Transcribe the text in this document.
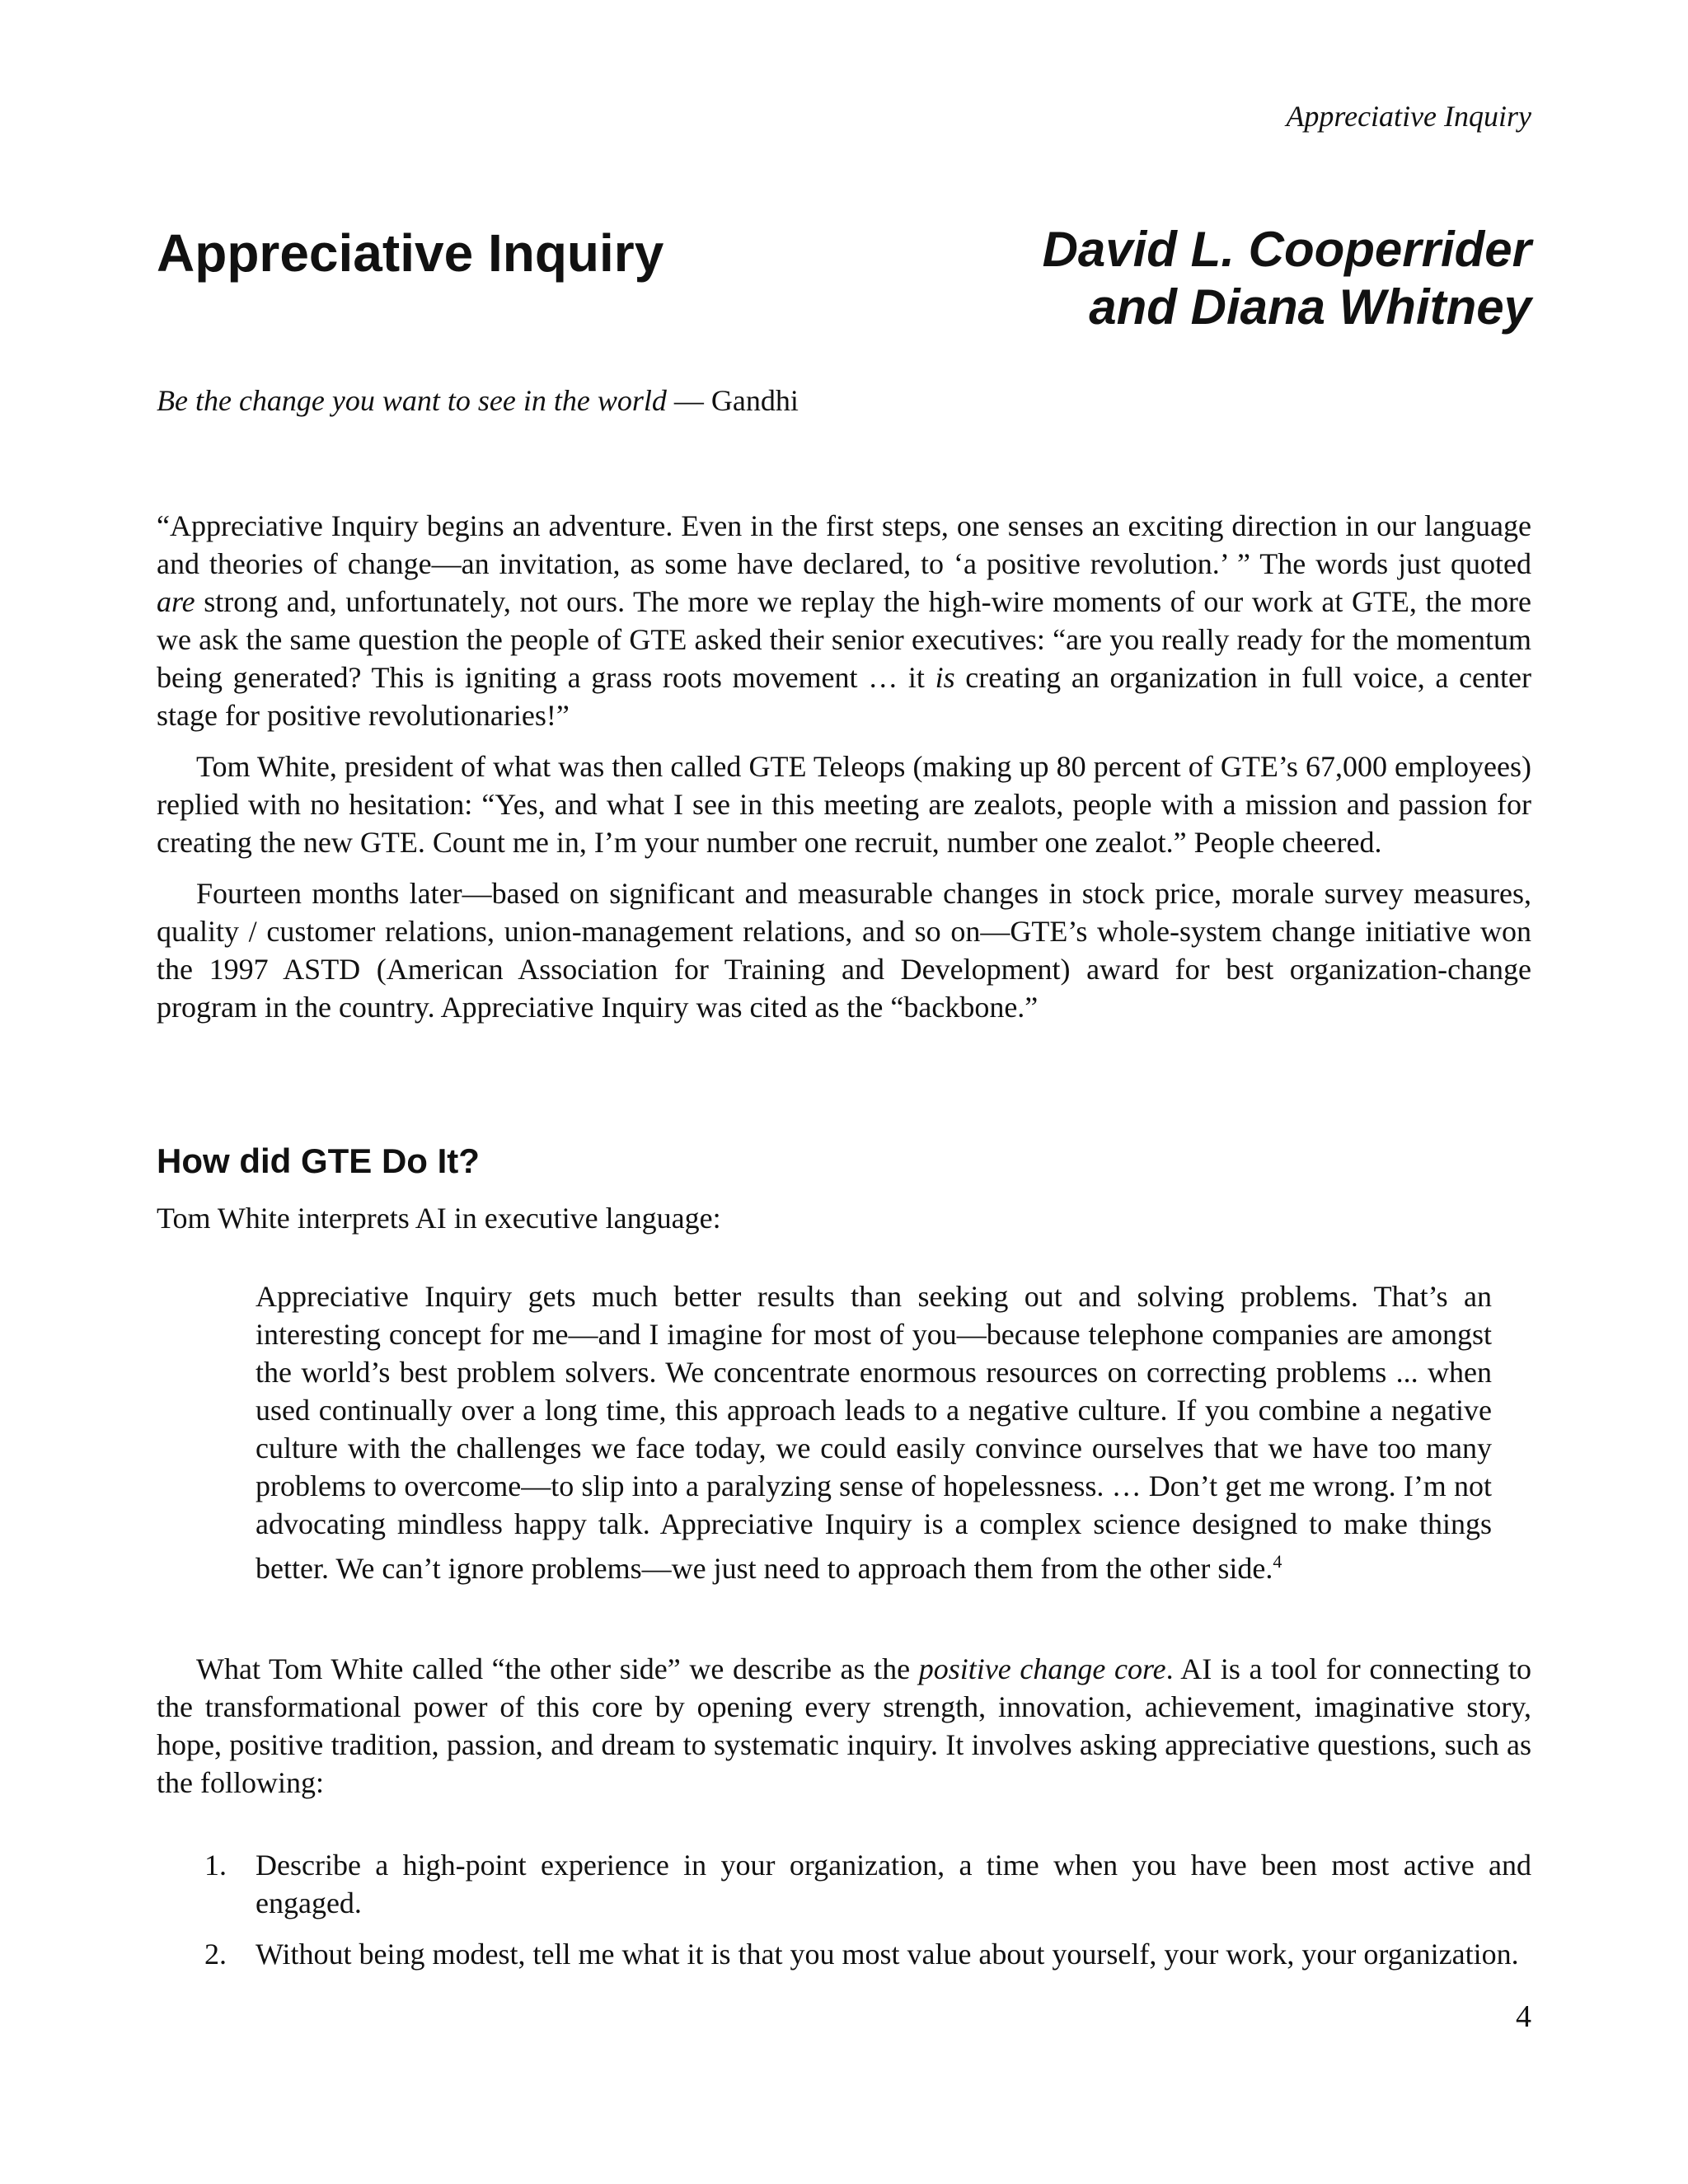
Appreciative Inquiry
Appreciative Inquiry	David L. Cooperrider
and Diana Whitney
Be the change you want to see in the world — Gandhi

“Appreciative Inquiry begins an adventure. Even in the first steps, one senses an exciting direction in our language and theories of change—an invitation, as some have declared, to ‘a positive revolution.’ ” The words just quoted are strong and, unfortunately, not ours. The more we replay the high-wire moments of our work at GTE, the more we ask the same question the people of GTE asked their senior executives: “are you really ready for the momentum being generated? This is igniting a grass roots movement … it is creating an organization in full voice, a center stage for positive revolutionaries!”

Tom White, president of what was then called GTE Teleops (making up 80 percent of GTE’s 67,000 employees) replied with no hesitation: “Yes, and what I see in this meeting are zealots, people with a mission and passion for creating the new GTE. Count me in, I’m your number one recruit, number one zealot.” People cheered.

Fourteen months later—based on significant and measurable changes in stock price, morale survey measures, quality / customer relations, union-management relations, and so on—GTE’s whole-system change initiative won the 1997 ASTD (American Association for Training and Development) award for best organization-change program in the country. Appreciative Inquiry was cited as the “backbone.”

How did GTE Do It?
Tom White interprets AI in executive language:
Appreciative Inquiry gets much better results than seeking out and solving problems. That’s an interesting concept for me—and I imagine for most of you—because telephone companies are amongst the world’s best problem solvers. We concentrate enormous resources on correcting problems ... when used continually over a long time, this approach leads to a negative culture. If you combine a negative culture with the challenges we face today, we could easily convince ourselves that we have too many problems to overcome—to slip into a paralyzing sense of hopelessness. … Don’t get me wrong. I’m not advocating mindless happy talk. Appreciative Inquiry is a complex science designed to make things better. We can’t ignore problems—we just need to approach them from the other side.$^4$

What Tom White called “the other side” we describe as the positive change core. AI is a tool for connecting to the transformational power of this core by opening every strength, innovation, achievement, imaginative story, hope, positive tradition, passion, and dream to systematic inquiry. It involves asking appreciative questions, such as the following:

1. Describe a high-point experience in your organization, a time when you have been most active and engaged.
2. Without being modest, tell me what it is that you most value about yourself, your work, your organization.
4
